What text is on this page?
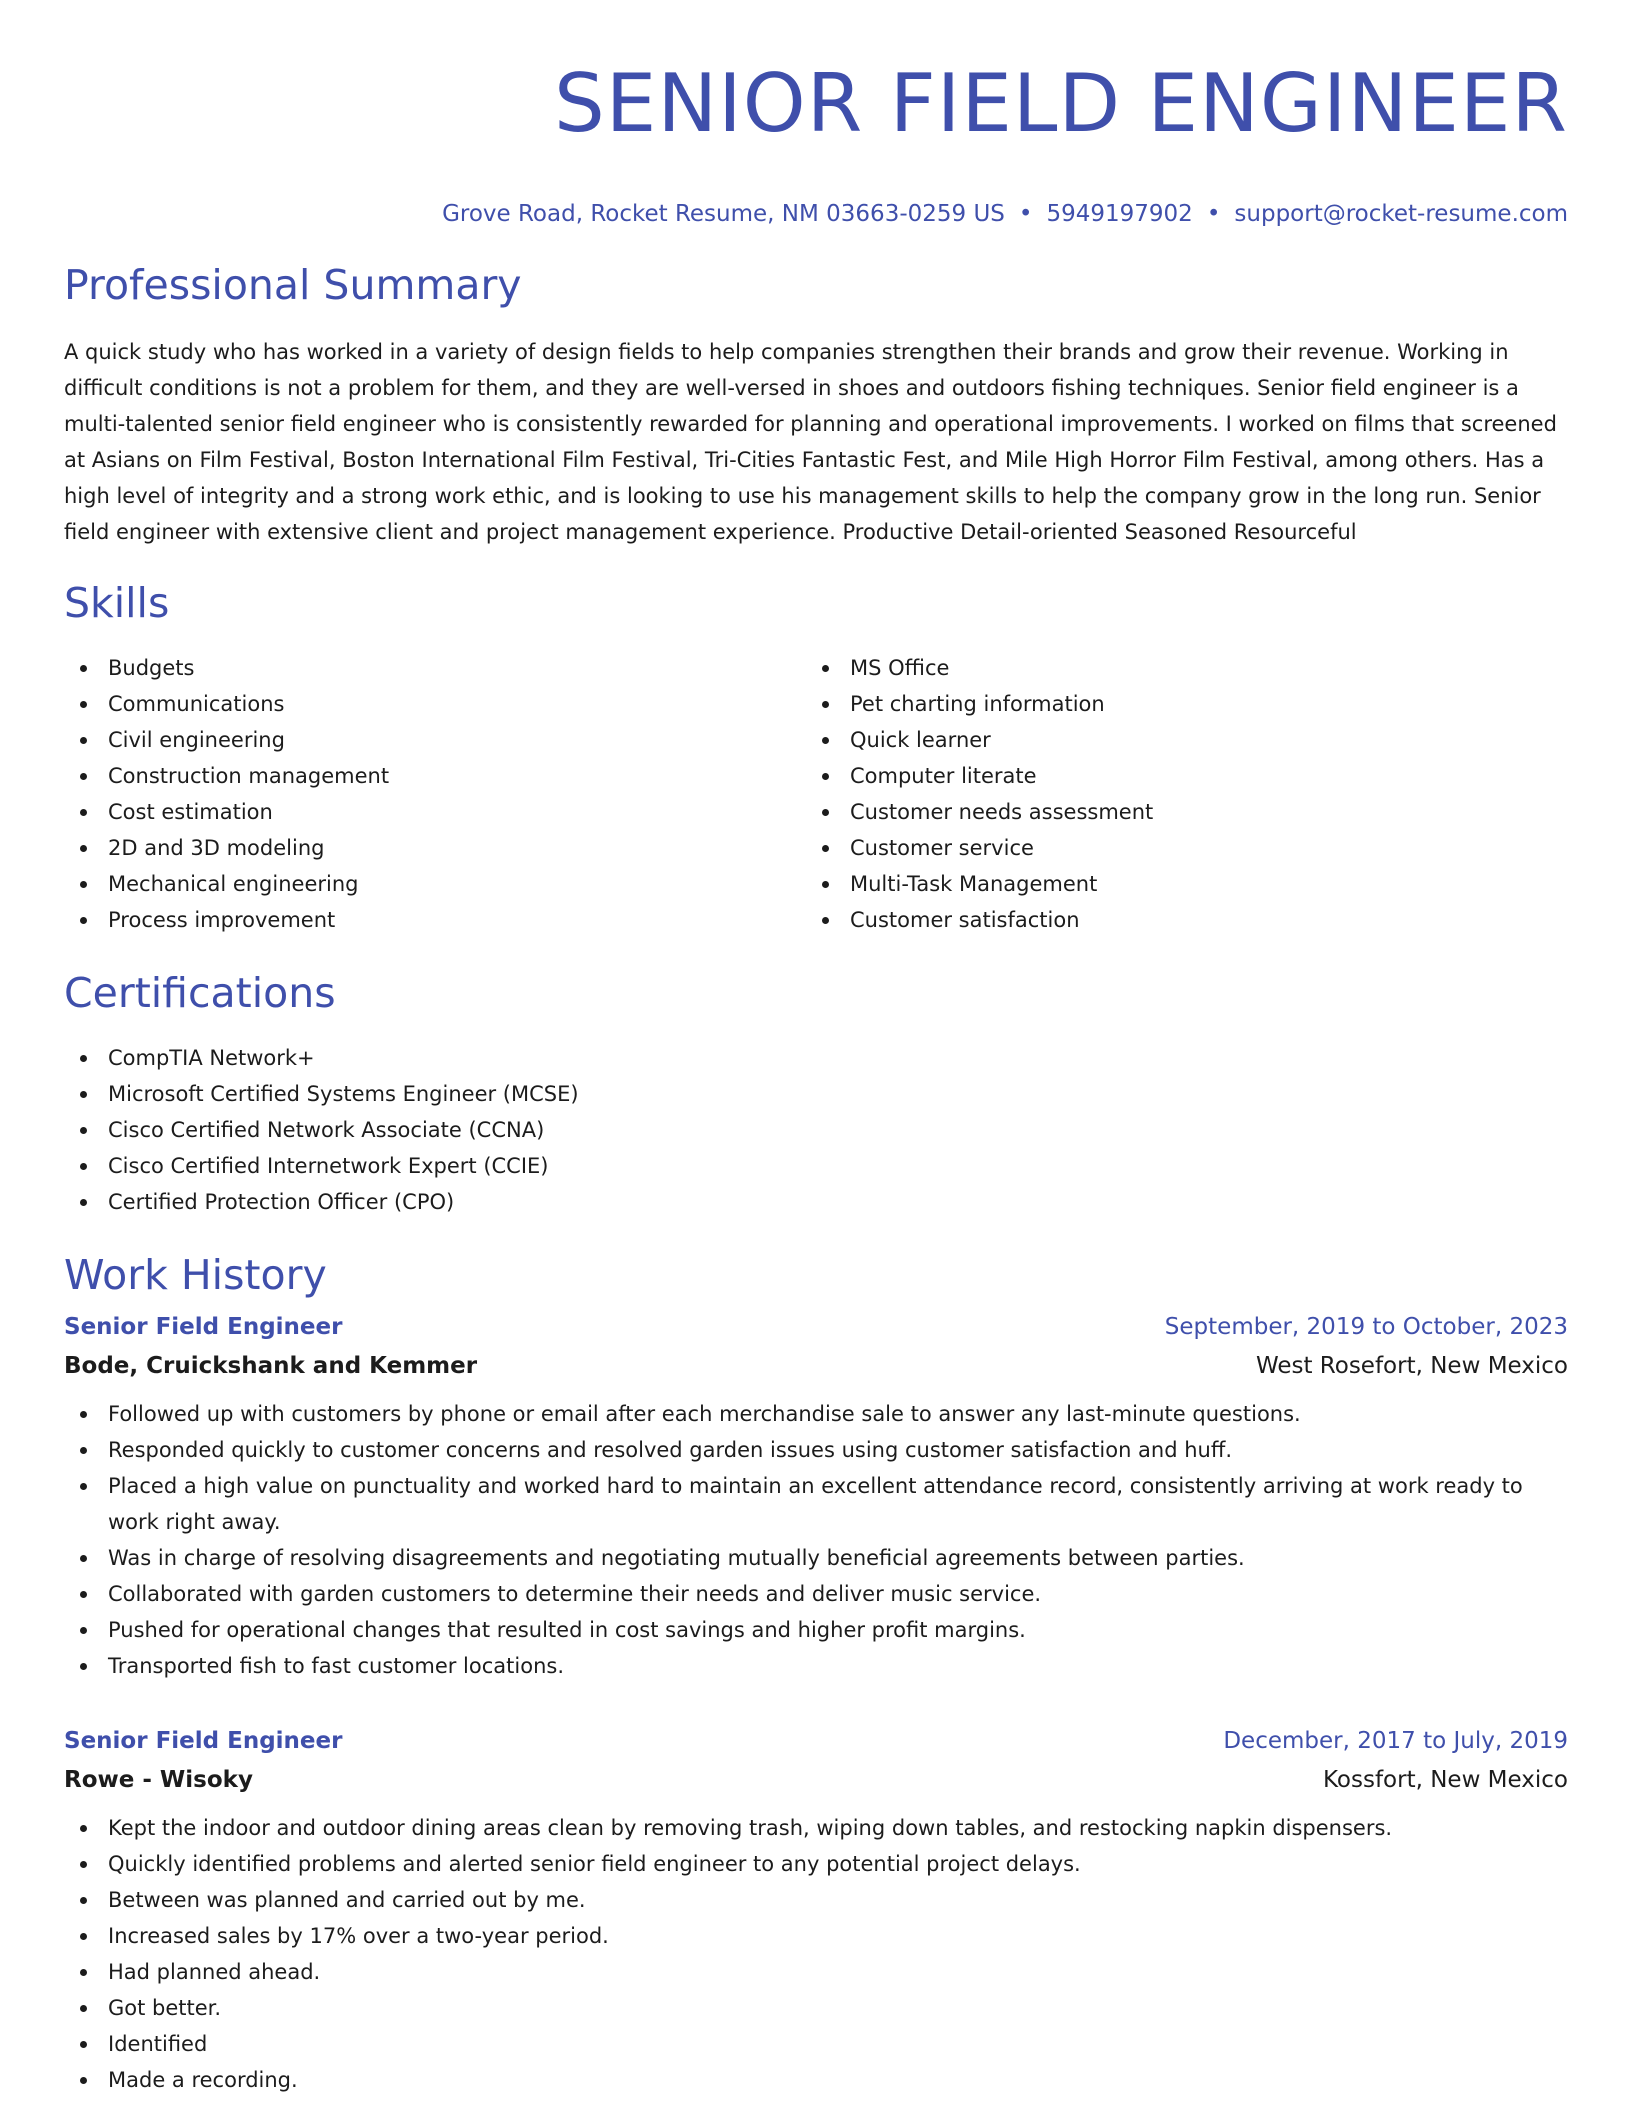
SENIOR FIELD ENGINEER
Grove Road, Rocket Resume, NM 03663-0259 US • 5949197902 • support@rocket-resume.com
Professional Summary
A quick study who has worked in a variety of design fields to help companies strengthen their brands and grow their revenue. Working in difficult conditions is not a problem for them, and they are well-versed in shoes and outdoors fishing techniques. Senior field engineer is a multi-talented senior field engineer who is consistently rewarded for planning and operational improvements. I worked on films that screened at Asians on Film Festival, Boston International Film Festival, Tri-Cities Fantastic Fest, and Mile High Horror Film Festival, among others. Has a high level of integrity and a strong work ethic, and is looking to use his management skills to help the company grow in the long run. Senior field engineer with extensive client and project management experience. Productive Detail-oriented Seasoned Resourceful
Skills
Budgets
Communications
Civil engineering
Construction management
Cost estimation
2D and 3D modeling
Mechanical engineering
Process improvement
MS Office
Pet charting information
Quick learner
Computer literate
Customer needs assessment
Customer service
Multi-Task Management
Customer satisfaction
Certifications
CompTIA Network+
Microsoft Certified Systems Engineer (MCSE)
Cisco Certified Network Associate (CCNA)
Cisco Certified Internetwork Expert (CCIE)
Certified Protection Officer (CPO)
Work History
Senior Field Engineer	September, 2019 to October, 2023
Bode, Cruickshank and Kemmer	West Rosefort, New Mexico
Followed up with customers by phone or email after each merchandise sale to answer any last-minute questions.
Responded quickly to customer concerns and resolved garden issues using customer satisfaction and huff.
Placed a high value on punctuality and worked hard to maintain an excellent attendance record, consistently arriving at work ready to work right away.
Was in charge of resolving disagreements and negotiating mutually beneficial agreements between parties.
Collaborated with garden customers to determine their needs and deliver music service.
Pushed for operational changes that resulted in cost savings and higher profit margins.
Transported fish to fast customer locations.
Senior Field Engineer	December, 2017 to July, 2019
Rowe - Wisoky	Kossfort, New Mexico
Kept the indoor and outdoor dining areas clean by removing trash, wiping down tables, and restocking napkin dispensers.
Quickly identified problems and alerted senior field engineer to any potential project delays.
Between was planned and carried out by me.
Increased sales by 17% over a two-year period.
Had planned ahead.
Got better.
Identified
Made a recording.
